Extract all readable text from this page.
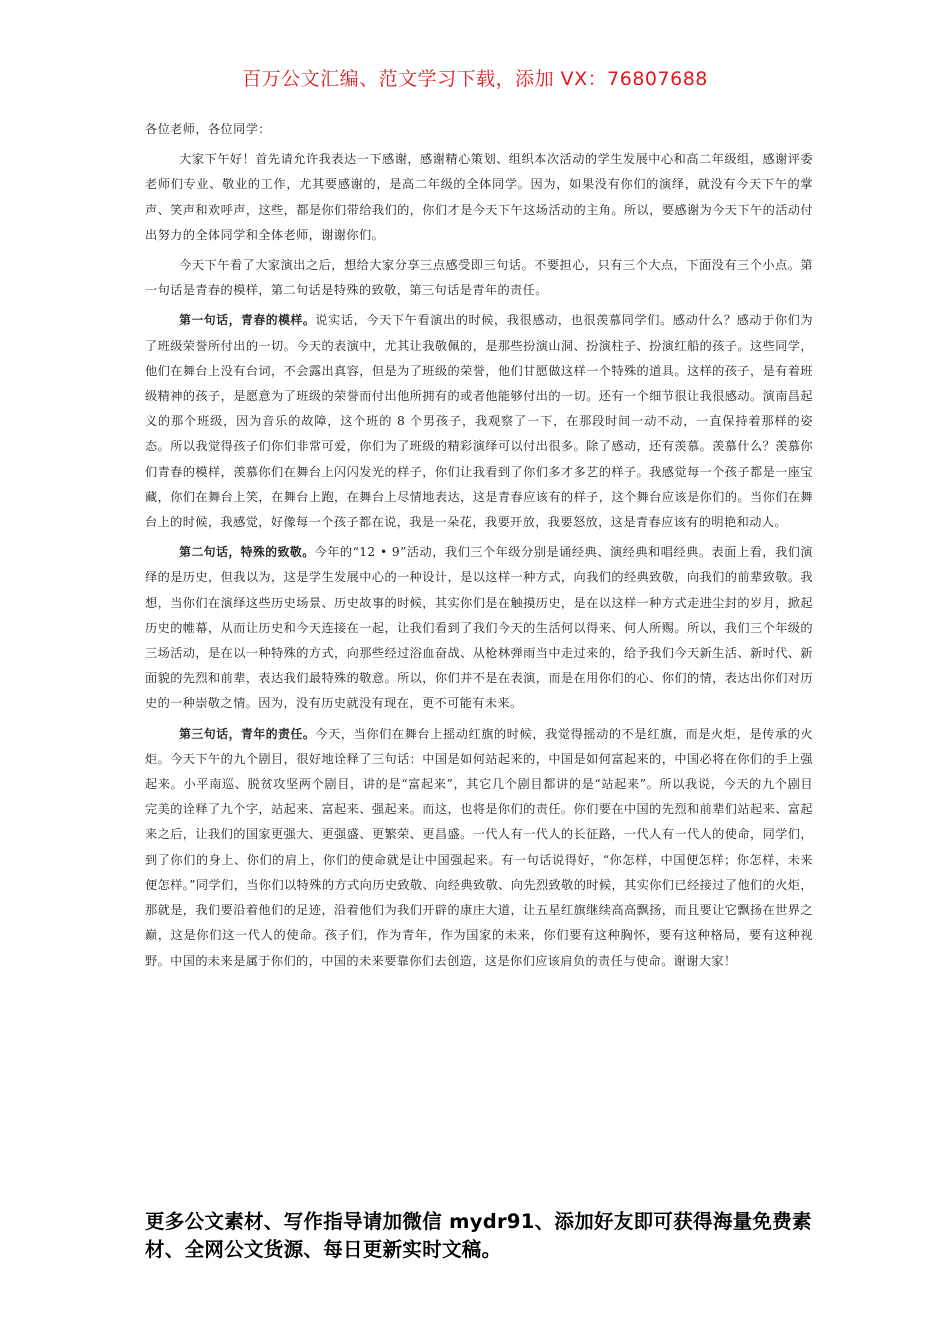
百万公文汇编、范文学习下载，添加 VX：76807688

各位老师，各位同学：

大家下午好！首先请允许我表达一下感谢，感谢精心策划、组织本次活动的学生发展中心和高二年级组，感谢评委老师们专业、敬业的工作，尤其要感谢的，是高二年级的全体同学。因为，如果没有你们的演绎，就没有今天下午的掌声、笑声和欢呼声，这些，都是你们带给我们的，你们才是今天下午这场活动的主角。所以，要感谢为今天下午的活动付出努力的全体同学和全体老师，谢谢你们。

今天下午看了大家演出之后，想给大家分享三点感受即三句话。不要担心，只有三个大点，下面没有三个小点。第一句话是青春的模样，第二句话是特殊的致敬，第三句话是青年的责任。

第一句话，青春的模样。说实话，今天下午看演出的时候，我很感动，也很羡慕同学们。感动什么？感动于你们为了班级荣誉所付出的一切。今天的表演中，尤其让我敬佩的，是那些扮演山洞、扮演柱子、扮演红船的孩子。这些同学，他们在舞台上没有台词，不会露出真容，但是为了班级的荣誉，他们甘愿做这样一个特殊的道具。这样的孩子，是有着班级精神的孩子，是愿意为了班级的荣誉而付出他所拥有的或者他能够付出的一切。还有一个细节很让我很感动。演南昌起义的那个班级，因为音乐的故障，这个班的 8 个男孩子，我观察了一下，在那段时间一动不动，一直保持着那样的姿态。所以我觉得孩子们你们非常可爱，你们为了班级的精彩演绎可以付出很多。除了感动，还有羡慕。羡慕什么？羡慕你们青春的模样，羡慕你们在舞台上闪闪发光的样子，你们让我看到了你们多才多艺的样子。我感觉每一个孩子都是一座宝藏，你们在舞台上笑，在舞台上跑，在舞台上尽情地表达，这是青春应该有的样子，这个舞台应该是你们的。当你们在舞台上的时候，我感觉，好像每一个孩子都在说，我是一朵花，我要开放，我要怒放，这是青春应该有的明艳和动人。

第二句话，特殊的致敬。今年的“12 • 9”活动，我们三个年级分别是诵经典、演经典和唱经典。表面上看，我们演绎的是历史，但我以为，这是学生发展中心的一种设计，是以这样一种方式，向我们的经典致敬，向我们的前辈致敬。我想，当你们在演绎这些历史场景、历史故事的时候，其实你们是在触摸历史，是在以这样一种方式走进尘封的岁月，掀起历史的帷幕，从而让历史和今天连接在一起，让我们看到了我们今天的生活何以得来、何人所赐。所以，我们三个年级的三场活动，是在以一种特殊的方式，向那些经过浴血奋战、从枪林弹雨当中走过来的，给予我们今天新生活、新时代、新面貌的先烈和前辈，表达我们最特殊的敬意。所以，你们并不是在表演，而是在用你们的心、你们的情，表达出你们对历史的一种崇敬之情。因为，没有历史就没有现在，更不可能有未来。

第三句话，青年的责任。今天，当你们在舞台上摇动红旗的时候，我觉得摇动的不是红旗，而是火炬，是传承的火炬。今天下午的九个剧目，很好地诠释了三句话：中国是如何站起来的，中国是如何富起来的，中国必将在你们的手上强起来。小平南巡、脱贫攻坚两个剧目，讲的是“富起来”，其它几个剧目都讲的是“站起来”。所以我说，今天的九个剧目完美的诠释了九个字，站起来、富起来、强起来。而这，也将是你们的责任。你们要在中国的先烈和前辈们站起来、富起来之后，让我们的国家更强大、更强盛、更繁荣、更昌盛。一代人有一代人的长征路，一代人有一代人的使命，同学们，到了你们的身上、你们的肩上，你们的使命就是让中国强起来。有一句话说得好，“你怎样，中国便怎样；你怎样，未来便怎样。”同学们，当你们以特殊的方式向历史致敬、向经典致敬、向先烈致敬的时候，其实你们已经接过了他们的火炬，那就是，我们要沿着他们的足迹，沿着他们为我们开辟的康庄大道，让五星红旗继续高高飘扬，而且要让它飘扬在世界之巅，这是你们这一代人的使命。孩子们，作为青年，作为国家的未来，你们要有这种胸怀，要有这种格局，要有这种视野。中国的未来是属于你们的，中国的未来要靠你们去创造，这是你们应该肩负的责任与使命。谢谢大家！

更多公文素材、写作指导请加微信 mydr91、添加好友即可获得海量免费素材、全网公文货源、每日更新实时文稿。
